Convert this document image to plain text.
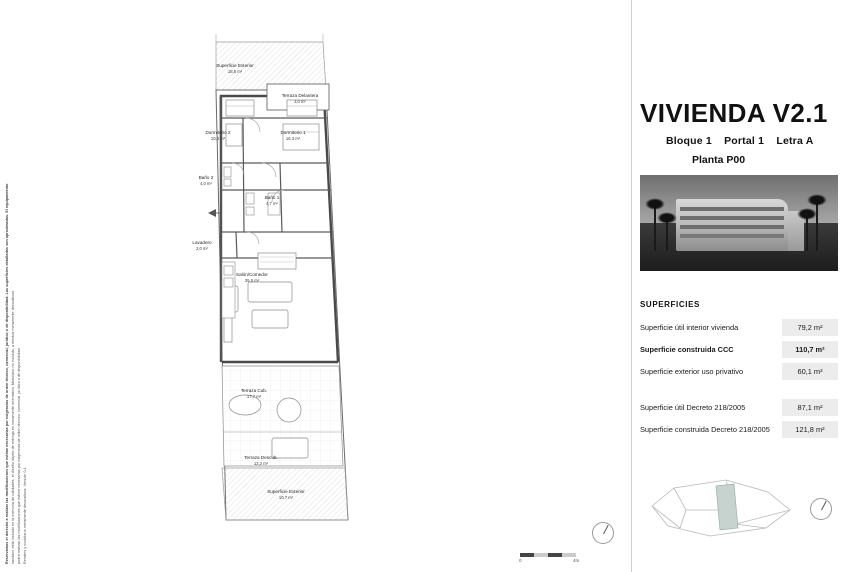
Reservamos el derecho a realizar las modificaciones que estime necesarias por exigencias de orden técnico, comercial, jurídico o de disponibilidad. Las superficies detalladas son aproximadas. El equipamiento sanitario está incluido en la memoria de calidades, el diseño objeto de entrega es meramente orientativo. Mobiliario no incluido, a efectos meramente decorativos. podrá realizar las modificaciones que estime necesarias por exigencias de orden técnico, comercial, jurídico o de disponibilidad. Renders y mobiliario meramente decorativos. Versión 0.1
Superficie Exterior
18,5 m²
Terraza Delantera
3,0 m²
Dormitorio 2
10,4 m²
Dormitorio 1
16,3 m²
Baño 2
4,0 m²
Baño 1
4,7 m²
Lavadero
2,0 m²
Salón/Comedor
35,5 m²
Terraza Cub.
17,7 m²
Terraza Descub.
12,2 m²
Superficie Exterior
10,7 m²
0	4m
VIVIENDA V2.1
Bloque 1 Portal 1 Letra A
Planta P00
SUPERFICIES
Superficie útil interior vivienda	79,2 m²
Superficie construida CCC	110,7 m²
Superficie exterior uso privativo	60,1 m²
Superficie útil Decreto 218/2005	87,1 m²
Superficie construida Decreto 218/2005	121,8 m²
